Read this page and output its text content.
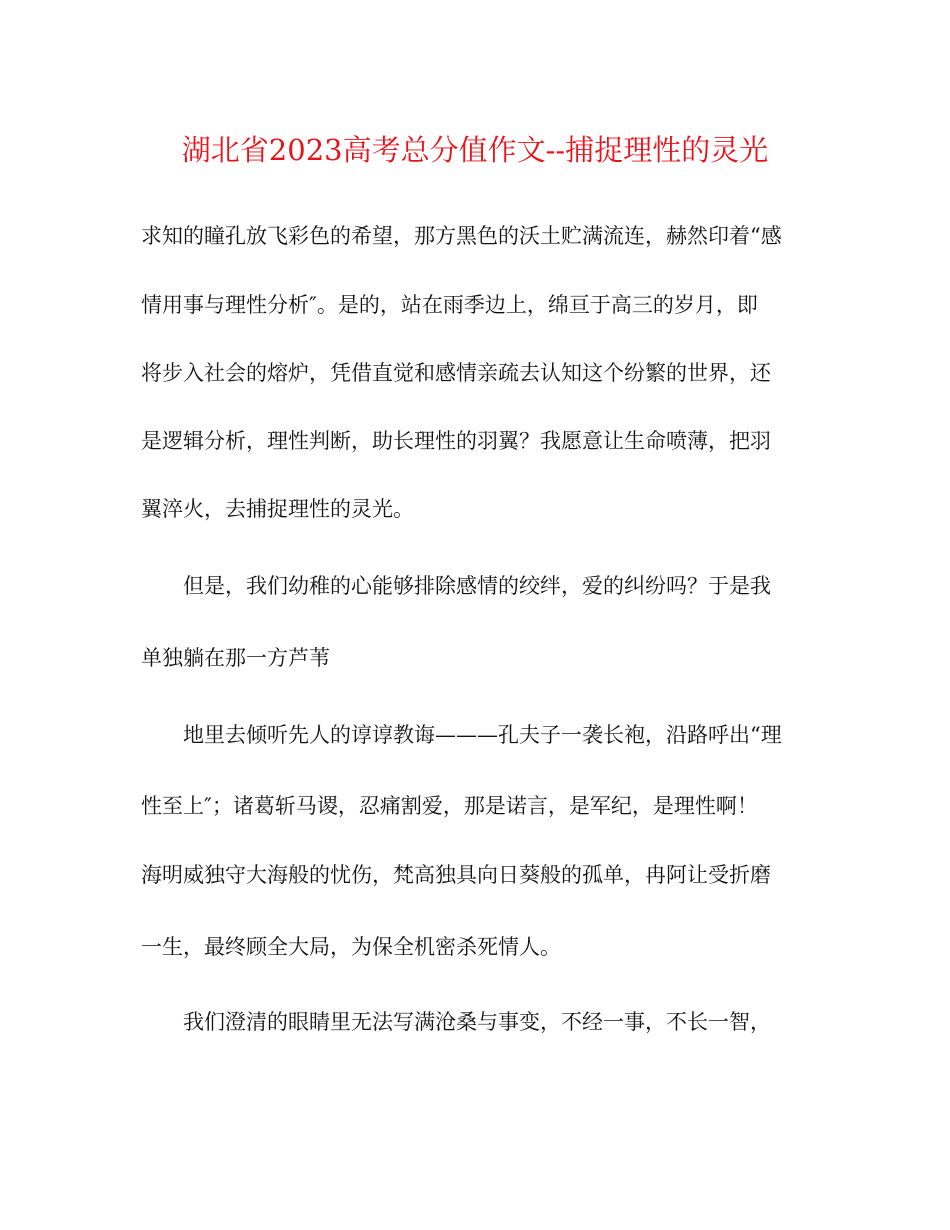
湖北省2023高考总分值作文--捕捉理性的灵光
求知的瞳孔放飞彩色的希望，那方黑色的沃土贮满流连，赫然印着“感
情用事与理性分析″。是的，站在雨季边上，绵亘于高三的岁月，即
将步入社会的熔炉，凭借直觉和感情亲疏去认知这个纷繁的世界，还
是逻辑分析，理性判断，助长理性的羽翼？我愿意让生命喷薄，把羽
翼淬火，去捕捉理性的灵光。
但是，我们幼稚的心能够排除感情的绞绊，爱的纠纷吗？于是我
单独躺在那一方芦苇
地里去倾听先人的谆谆教诲———孔夫子一袭长袍，沿路呼出“理
性至上″；诸葛斩马谡，忍痛割爱，那是诺言，是军纪，是理性啊！
海明威独守大海般的忧伤，梵高独具向日葵般的孤单，冉阿让受折磨
一生，最终顾全大局，为保全机密杀死情人。
我们澄清的眼睛里无法写满沧桑与事变，不经一事，不长一智，
